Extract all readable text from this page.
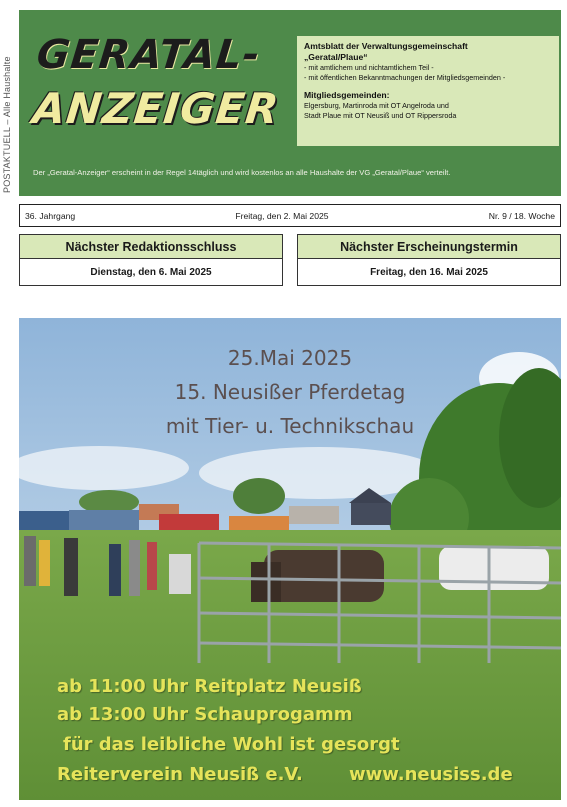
POSTAKTUELL – Alle Haushalte
GERATAL-
ANZEIGER
Amtsblatt der Verwaltungsgemeinschaft
„Geratal/Plaue“
- mit amtlichem und nichtamtlichem Teil -
- mit öffentlichen Bekanntmachungen der Mitgliedsgemeinden -
Mitgliedsgemeinden:
Elgersburg, Martinroda mit OT Angelroda und
Stadt Plaue mit OT Neusiß und OT Rippersroda
Der „Geratal-Anzeiger“ erscheint in der Regel 14täglich und wird kostenlos an alle Haushalte der VG „Geratal/Plaue“ verteilt.
36. Jahrgang	Freitag, den 2. Mai 2025	Nr. 9 / 18. Woche
Nächster Redaktionsschluss
Dienstag, den 6. Mai 2025
Nächster Erscheinungstermin
Freitag, den 16. Mai 2025
25.Mai 2025
15. Neusißer Pferdetag
mit Tier- u. Technikschau
ab 11:00 Uhr Reitplatz Neusiß
ab 13:00 Uhr Schauprogamm
für das leibliche Wohl ist gesorgt
Reiterverein Neusiß e.V.	www.neusiss.de
